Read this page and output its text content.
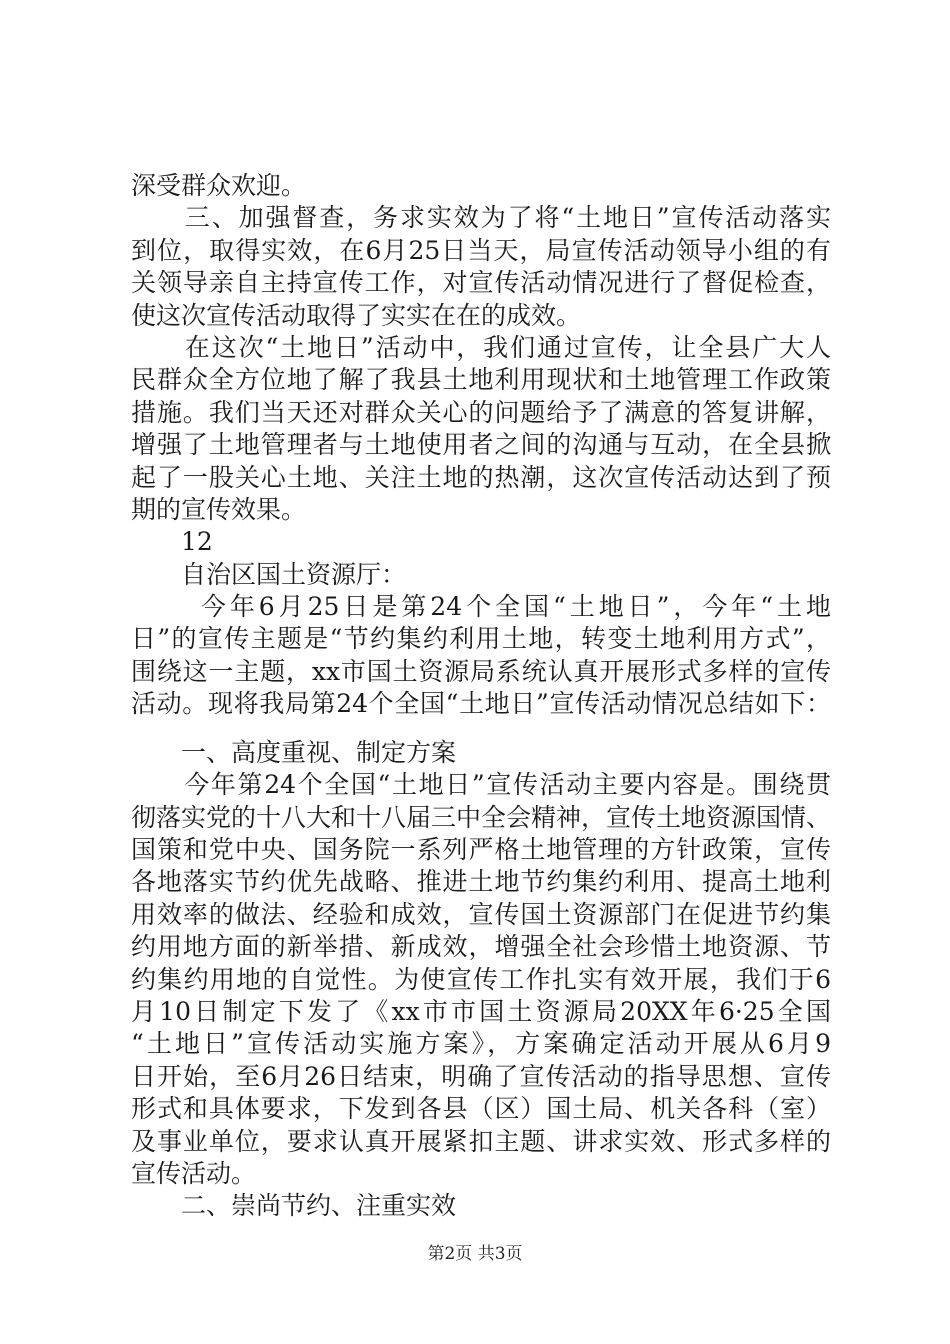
深受群众欢迎。
　　三、加强督查，务求实效为了将“土地日”宣传活动落实
到位，取得实效，在6月25日当天，局宣传活动领导小组的有
关领导亲自主持宣传工作，对宣传活动情况进行了督促检查，
使这次宣传活动取得了实实在在的成效。
　　在这次“土地日”活动中，我们通过宣传，让全县广大人
民群众全方位地了解了我县土地利用现状和土地管理工作政策
措施。我们当天还对群众关心的问题给予了满意的答复讲解，
增强了土地管理者与土地使用者之间的沟通与互动，在全县掀
起了一股关心土地、关注土地的热潮，这次宣传活动达到了预
期的宣传效果。
　　12
　　自治区国土资源厅：
　　 今年6月25日是第24个全国“土地日”，今年“土地
日”的宣传主题是“节约集约利用土地，转变土地利用方式”，
围绕这一主题，xx市国土资源局系统认真开展形式多样的宣传
活动。现将我局第24个全国“土地日”宣传活动情况总结如下：
　　一、高度重视、制定方案
　　今年第24个全国“土地日”宣传活动主要内容是。围绕贯
彻落实党的十八大和十八届三中全会精神，宣传土地资源国情、
国策和党中央、国务院一系列严格土地管理的方针政策，宣传
各地落实节约优先战略、推进土地节约集约利用、提高土地利
用效率的做法、经验和成效，宣传国土资源部门在促进节约集
约用地方面的新举措、新成效，增强全社会珍惜土地资源、节
约集约用地的自觉性。为使宣传工作扎实有效开展，我们于6
月10日制定下发了《xx市市国土资源局20XX年6·25全国
“土地日”宣传活动实施方案》，方案确定活动开展从6月9
日开始，至6月26日结束，明确了宣传活动的指导思想、宣传
形式和具体要求，下发到各县（区）国土局、机关各科（室）
及事业单位，要求认真开展紧扣主题、讲求实效、形式多样的
宣传活动。
　　二、崇尚节约、注重实效
第2页 共3页
